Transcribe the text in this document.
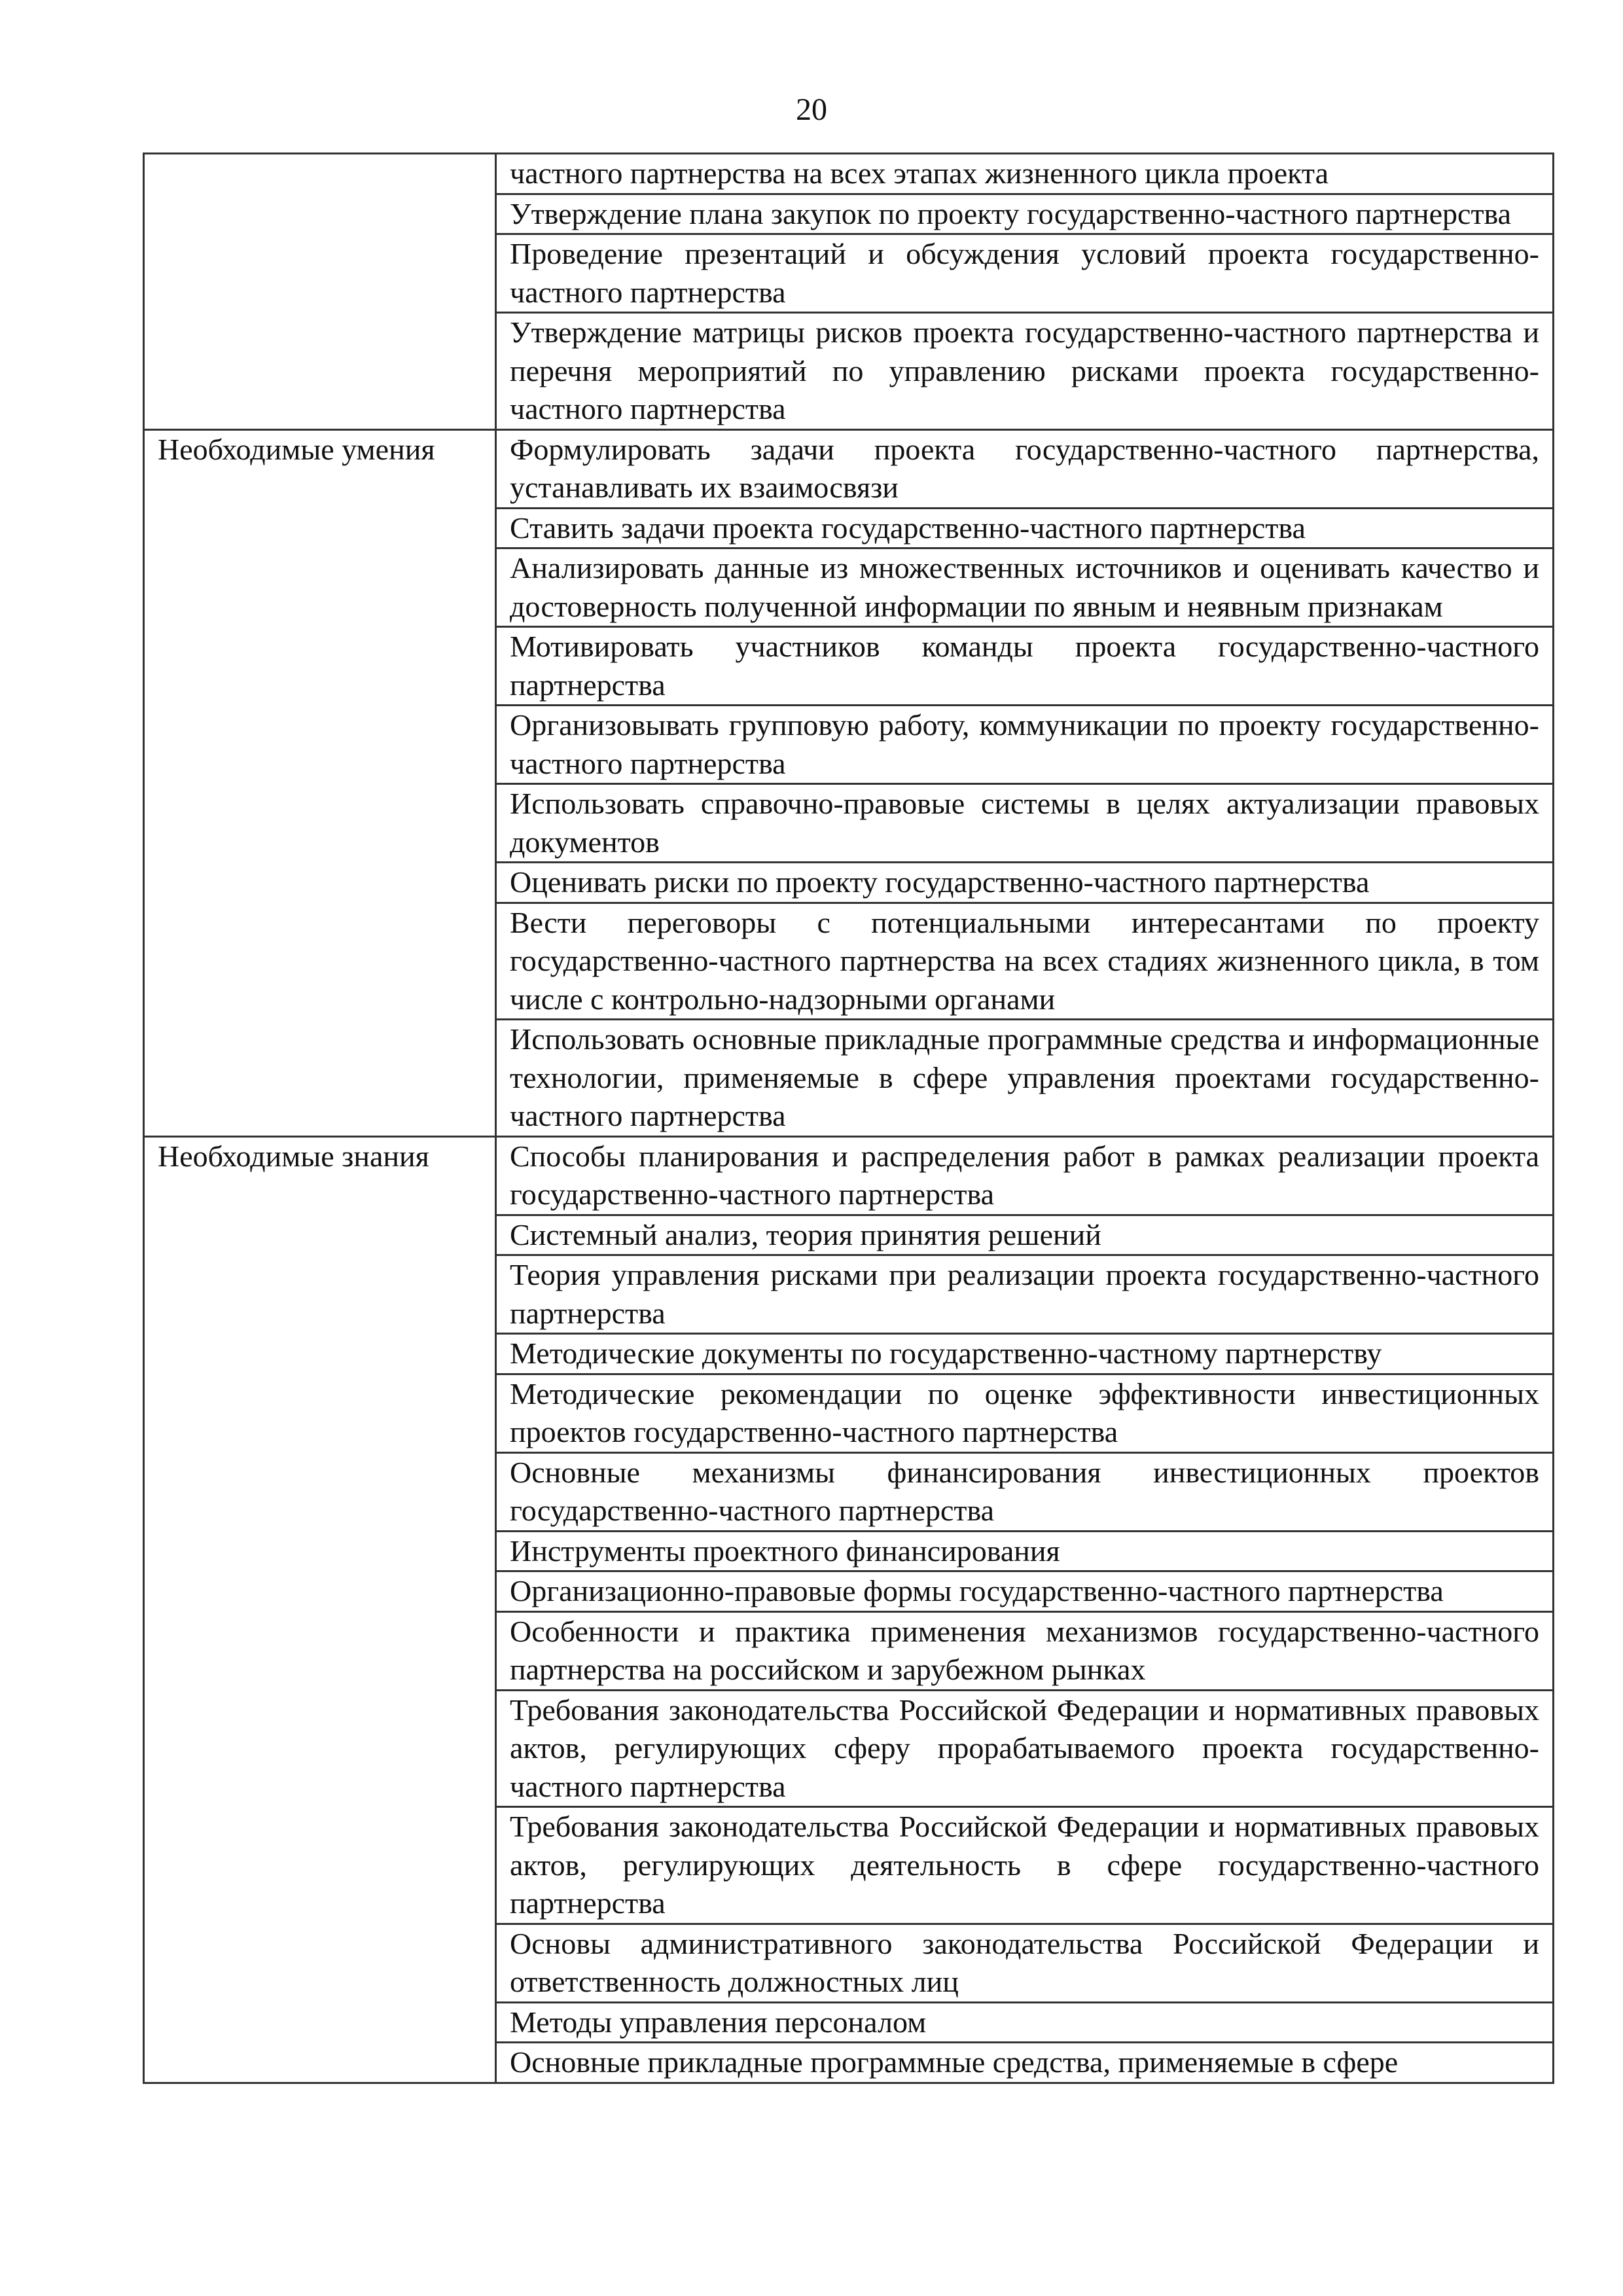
20
	частного партнерства на всех этапах жизненного цикла проекта
	Утверждение плана закупок по проекту государственно-частного партнерства
	Проведение презентаций и обсуждения условий проекта государственно-частного партнерства
	Утверждение матрицы рисков проекта государственно-частного партнерства и перечня мероприятий по управлению рисками проекта государственно-частного партнерства
Необходимые умения	Формулировать задачи проекта государственно-частного партнерства, устанавливать их взаимосвязи
	Ставить задачи проекта государственно-частного партнерства
	Анализировать данные из множественных источников и оценивать качество и достоверность полученной информации по явным и неявным признакам
	Мотивировать участников команды проекта государственно-частного партнерства
	Организовывать групповую работу, коммуникации по проекту государственно-частного партнерства
	Использовать справочно-правовые системы в целях актуализации правовых документов
	Оценивать риски по проекту государственно-частного партнерства
	Вести переговоры с потенциальными интересантами по проекту государственно-частного партнерства на всех стадиях жизненного цикла, в том числе с контрольно-надзорными органами
	Использовать основные прикладные программные средства и информационные технологии, применяемые в сфере управления проектами государственно-частного партнерства
Необходимые знания	Способы планирования и распределения работ в рамках реализации проекта государственно-частного партнерства
	Системный анализ, теория принятия решений
	Теория управления рисками при реализации проекта государственно-частного партнерства
	Методические документы по государственно-частному партнерству
	Методические рекомендации по оценке эффективности инвестиционных проектов государственно-частного партнерства
	Основные механизмы финансирования инвестиционных проектов государственно-частного партнерства
	Инструменты проектного финансирования
	Организационно-правовые формы государственно-частного партнерства
	Особенности и практика применения механизмов государственно-частного партнерства на российском и зарубежном рынках
	Требования законодательства Российской Федерации и нормативных правовых актов, регулирующих сферу прорабатываемого проекта государственно-частного партнерства
	Требования законодательства Российской Федерации и нормативных правовых актов, регулирующих деятельность в сфере государственно-частного партнерства
	Основы административного законодательства Российской Федерации и ответственность должностных лиц
	Методы управления персоналом
	Основные прикладные программные средства, применяемые в сфере
